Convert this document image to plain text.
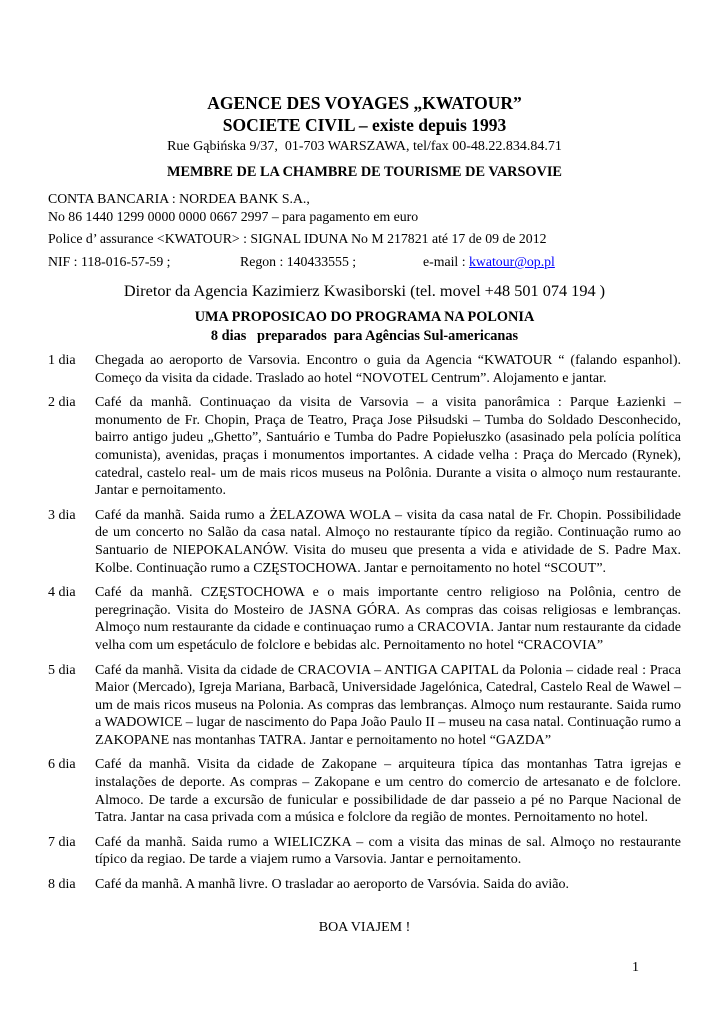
AGENCE DES VOYAGES „KWATOUR”
SOCIETE CIVIL – existe depuis 1993
Rue Gąbińska 9/37,  01-703 WARSZAWA, tel/fax 00-48.22.834.84.71
MEMBRE DE LA CHAMBRE DE TOURISME DE VARSOVIE
CONTA BANCARIA : NORDEA BANK S.A.,
No 86 1440 1299 0000 0000 0667 2997 – para pagamento em euro
Police d’ assurance <KWATOUR> : SIGNAL IDUNA No M 217821 até 17 de 09 de 2012
NIF : 118-016-57-59 ;	Regon : 140433555 ;	e-mail : kwatour@op.pl
Diretor da Agencia Kazimierz Kwasiborski (tel. movel +48 501 074 194 )
UMA PROPOSICAO DO PROGRAMA NA POLONIA
8 dias   preparados  para Agências Sul-americanas
1 dia	Chegada ao aeroporto de Varsovia. Encontro o guia da Agencia “KWATOUR “ (falando espanhol). Começo da visita da cidade. Traslado ao hotel “NOVOTEL Centrum”. Alojamento e jantar.
2 dia	Café da manhã. Continuaçao da visita de Varsovia – a visita panorâmica : Parque Łazienki – monumento de Fr. Chopin, Praça de Teatro, Praça Jose Piłsudski – Tumba do Soldado Desconhecido, bairro antigo judeu „Ghetto”, Santuário e Tumba do Padre Popiełuszko (asasinado pela polícia política comunista), avenidas, praças i monumentos importantes. A cidade velha : Praça do Mercado (Rynek), catedral, castelo real- um de mais ricos museus na Polônia. Durante a visita o almoço num restaurante. Jantar e pernoitamento.
3 dia	Café da manhã. Saida rumo a ŻELAZOWA WOLA – visita da casa natal de Fr. Chopin. Possibilidade de um concerto no Salão da casa natal. Almoço no restaurante típico da região. Continuação rumo ao Santuario de NIEPOKALANÓW. Visita do museu que presenta a vida e atividade de S. Padre Max. Kolbe. Continuação rumo a CZĘSTOCHOWA. Jantar e pernoitamento no hotel “SCOUT”.
4 dia	Café da manhã. CZĘSTOCHOWA e o mais importante centro religioso na Polônia, centro de peregrinação. Visita do Mosteiro de JASNA GÓRA. As compras das coisas religiosas e lembranças. Almoço num restaurante da cidade e continuaçao rumo a CRACOVIA. Jantar num restaurante da cidade velha com um espetáculo de folclore e bebidas alc. Pernoitamento no hotel “CRACOVIA”
5 dia	Café da manhã. Visita da cidade de CRACOVIA – ANTIGA CAPITAL da Polonia – cidade real : Praca Maior (Mercado), Igreja Mariana, Barbacã, Universidade Jagelónica, Catedral, Castelo Real de Wawel – um de mais ricos museus na Polonia. As compras das lembranças. Almoço num restaurante. Saida rumo a WADOWICE – lugar de nascimento do Papa João Paulo II – museu na casa natal. Continuação rumo a ZAKOPANE nas montanhas TATRA. Jantar e pernoitamento no hotel “GAZDA”
6 dia	Café da manhã. Visita da cidade de Zakopane – arquiteura típica das montanhas Tatra igrejas e instalações de deporte. As compras – Zakopane e um centro do comercio de artesanato e de folclore. Almoco. De tarde a excursão de funicular e possibilidade de dar passeio a pé no Parque Nacional de Tatra. Jantar na casa privada com a música e folclore da região de montes. Pernoitamento no hotel.
7 dia	Café da manhã. Saida rumo a WIELICZKA – com a visita das minas de sal. Almoço no restaurante típico da regiao. De tarde a viajem rumo a Varsovia. Jantar e pernoitamento.
8 dia	Café da manhã. A manhã livre. O trasladar ao aeroporto de Varsóvia. Saida do avião.
BOA VIAJEM !
1
